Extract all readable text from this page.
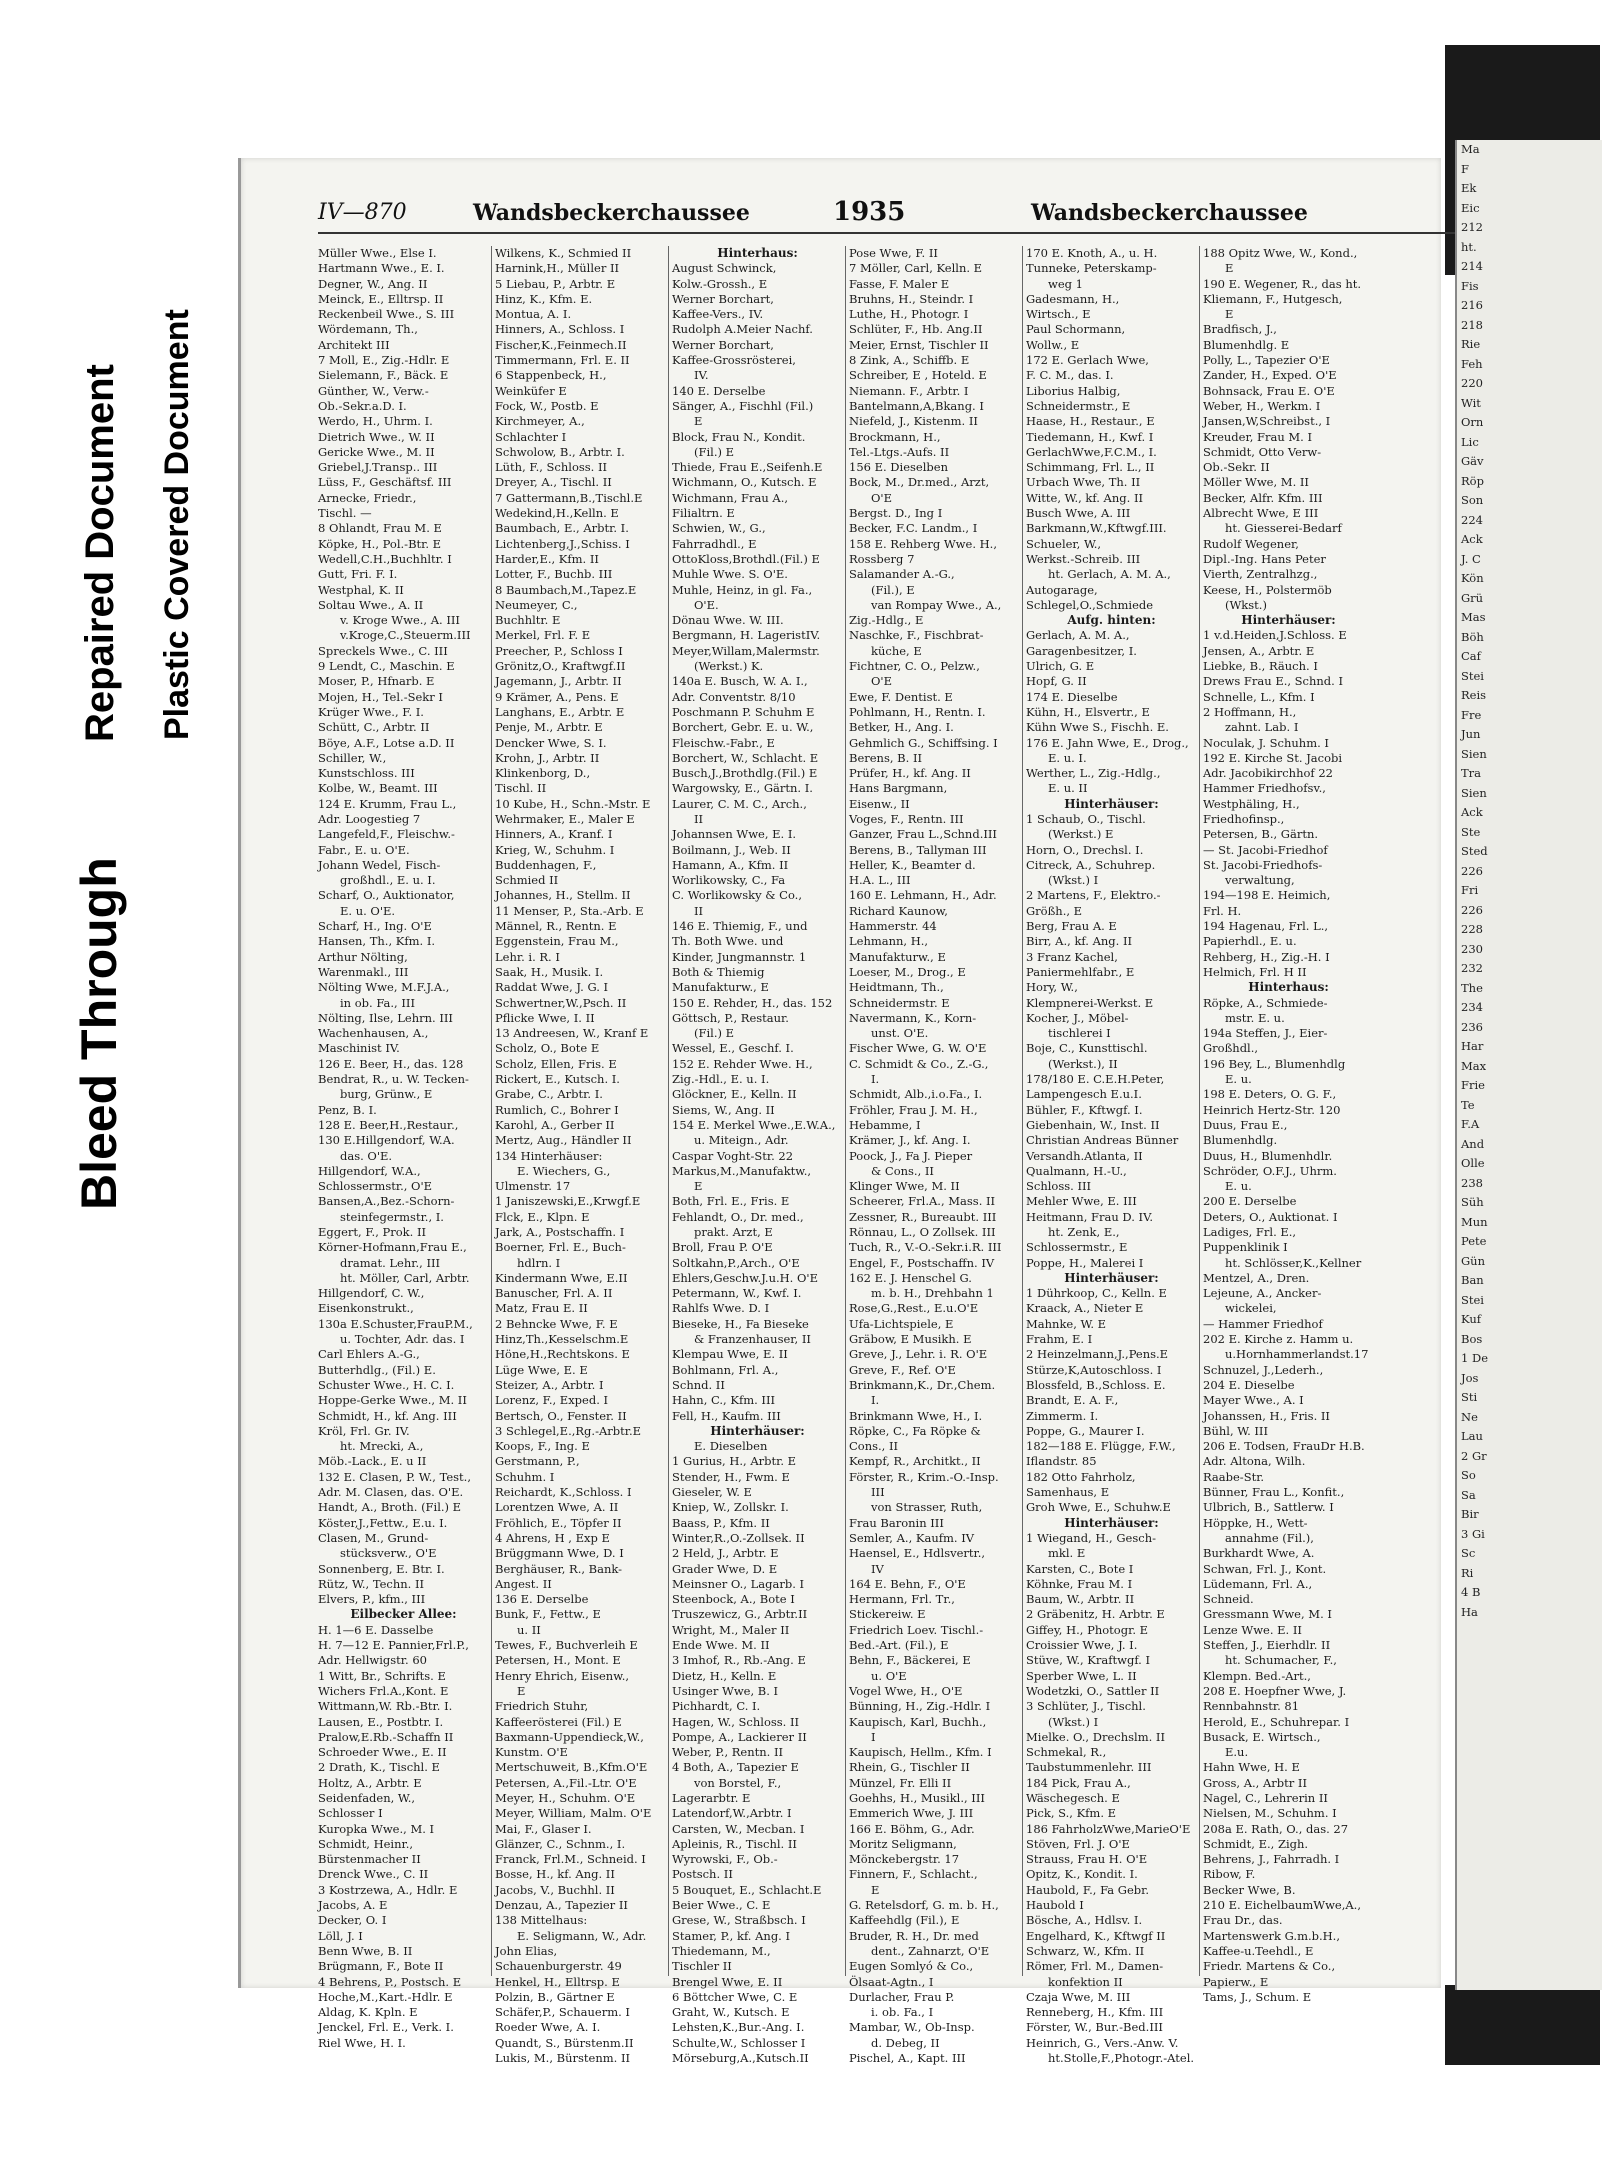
Bleed Through
Repaired Document Plastic Covered Document
IV—870	Wandsbeckerchaussee	1935	Wandsbeckerchaussee
Müller Wwe., Else I.
Hartmann Wwe., E. I.
Degner, W., Ang. II
Meinck, E., Elltrsp. II
Reckenbeil Wwe., S. III
Wördemann, Th.,
Architekt III
7 Moll, E., Zig.-Hdlr. E
Sielemann, F., Bäck. E
Günther, W., Verw.-
Ob.-Sekr.a.D. I.
Werdo, H., Uhrm. I.
Dietrich Wwe., W. II
Gericke Wwe., M. II
Griebel,J.Transp.. III
Lüss, F., Geschäftsf. III
Arnecke, Friedr.,
Tischl. —
8 Ohlandt, Frau M. E
Köpke, H., Pol.-Btr. E
Wedell,C.H.,Buchhltr. I
Gutt, Fri. F. I.
Westphal, K. II
Soltau Wwe., A. II
v. Kroge Wwe., A. III
v.Kroge,C.,Steuerm.III
Spreckels Wwe., C. III
9 Lendt, C., Maschin. E
Moser, P., Hfnarb. E
Mojen, H., Tel.-Sekr I
Krüger Wwe., F. I.
Schütt, C., Arbtr. II
Böye, A.F., Lotse a.D. II
Schiller, W.,
Kunstschloss. III
Kolbe, W., Beamt. III
124 E. Krumm, Frau L.,
Adr. Loogestieg 7
Langefeld,F., Fleischw.-
Fabr., E. u. O'E.
Johann Wedel, Fisch-
großhdl., E. u. I.
Scharf, O., Auktionator,
E. u. O'E.
Scharf, H., Ing. O'E
Hansen, Th., Kfm. I.
Arthur Nölting,
Warenmakl., III
Nölting Wwe, M.F.J.A.,
in ob. Fa., III
Nölting, Ilse, Lehrn. III
Wachenhausen, A.,
Maschinist IV.
126 E. Beer, H., das. 128
Bendrat, R., u. W. Tecken-
burg, Grünw., E
Penz, B. I.
128 E. Beer,H.,Restaur.,
130 E.Hillgendorf, W.A.
das. O'E.
Hillgendorf, W.A.,
Schlossermstr., O'E
Bansen,A.,Bez.-Schorn-
steinfegermstr., I.
Eggert, F., Prok. II
Körner-Hofmann,Frau E.,
dramat. Lehr., III
ht. Möller, Carl, Arbtr.
Hillgendorf, C. W.,
Eisenkonstrukt.,
130a E.Schuster,FrauP.M.,
u. Tochter, Adr. das. I
Carl Ehlers A.-G.,
Butterhdlg., (Fil.) E.
Schuster Wwe., H. C. I.
Hoppe-Gerke Wwe., M. II
Schmidt, H., kf. Ang. III
Kröl, Frl. Gr. IV.
ht. Mrecki, A.,
Möb.-Lack., E. u II
132 E. Clasen, P. W., Test.,
Adr. M. Clasen, das. O'E.
Handt, A., Broth. (Fil.) E
Köster,J.,Fettw., E.u. I.
Clasen, M., Grund-
stücksverw., O'E
Sonnenberg, E. Btr. I.
Rütz, W., Techn. II
Elvers, P., kfm., III
Eilbecker Allee:
H. 1—6 E. Dasselbe
H. 7—12 E. Pannier,Frl.P.,
Adr. Hellwigstr. 60
1 Witt, Br., Schrifts. E
Wichers Frl.A.,Kont. E
Wittmann,W. Rb.-Btr. I.
Lausen, E., Postbtr. I.
Pralow,E.Rb.-Schaffn II
Schroeder Wwe., E. II
2 Drath, K., Tischl. E
Holtz, A., Arbtr. E
Seidenfaden, W.,
Schlosser I
Kuropka Wwe., M. I
Schmidt, Heinr.,
Bürstenmacher II
Drenck Wwe., C. II
3 Kostrzewa, A., Hdlr. E
Jacobs, A. E
Decker, O. I
Löll, J. I
Benn Wwe, B. II
Brügmann, F., Bote II
4 Behrens, P., Postsch. E
Hoche,M.,Kart.-Hdlr. E
Aldag, K. Kpln. E
Jenckel, Frl. E., Verk. I.
Riel Wwe, H. I.
Wilkens, K., Schmied II
Harnink,H., Müller II
5 Liebau, P., Arbtr. E
Hinz, K., Kfm. E.
Montua, A. I.
Hinners, A., Schloss. I
Fischer,K.,Feinmech.II
Timmermann, Frl. E. II
6 Stappenbeck, H.,
Weinküfer E
Fock, W., Postb. E
Kirchmeyer, A.,
Schlachter I
Schwolow, B., Arbtr. I.
Lüth, F., Schloss. II
Dreyer, A., Tischl. II
7 Gattermann,B.,Tischl.E
Wedekind,H.,Kelln. E
Baumbach, E., Arbtr. I.
Lichtenberg,J.,Schiss. I
Harder,E., Kfm. II
Lotter, F., Buchb. III
8 Baumbach,M.,Tapez.E
Neumeyer, C.,
Buchhltr. E
Merkel, Frl. F. E
Preecher, P., Schloss I
Grönitz,O., Kraftwgf.II
Jagemann, J., Arbtr. II
9 Krämer, A., Pens. E
Langhans, E., Arbtr. E
Penje, M., Arbtr. E
Dencker Wwe, S. I.
Krohn, J., Arbtr. II
Klinkenborg, D.,
Tischl. II
10 Kube, H., Schn.-Mstr. E
Wehrmaker, E., Maler E
Hinners, A., Kranf. I
Krieg, W., Schuhm. I
Buddenhagen, F.,
Schmied II
Johannes, H., Stellm. II
11 Menser, P., Sta.-Arb. E
Männel, R., Rentn. E
Eggenstein, Frau M.,
Lehr. i. R. I
Saak, H., Musik. I.
Raddat Wwe, J. G. I
Schwertner,W.,Psch. II
Pflicke Wwe, I. II
13 Andreesen, W., Kranf E
Scholz, O., Bote E
Scholz, Ellen, Fris. E
Rickert, E., Kutsch. I.
Grabe, C., Arbtr. I.
Rumlich, C., Bohrer I
Karohl, A., Gerber II
Mertz, Aug., Händler II
134 Hinterhäuser:
E. Wiechers, G.,
Ulmenstr. 17
1 Janiszewski,E.,Krwgf.E
Flck, E., Klpn. E
Jark, A., Postschaffn. I
Boerner, Frl. E., Buch-
hdlrn. I
Kindermann Wwe, E.II
Banuscher, Frl. A. II
Matz, Frau E. II
2 Behncke Wwe, F. E
Hinz,Th.,Kesselschm.E
Höne,H.,Rechtskons. E
Lüge Wwe, E. E
Steizer, A., Arbtr. I
Lorenz, F., Exped. I
Bertsch, O., Fenster. II
3 Schlegel,E.,Rg.-Arbtr.E
Koops, F., Ing. E
Gerstmann, P.,
Schuhm. I
Reichardt, K.,Schloss. I
Lorentzen Wwe, A. II
Fröhlich, E., Töpfer II
4 Ahrens, H , Exp E
Brüggmann Wwe, D. I
Berghäuser, R., Bank-
Angest. II
136 E. Derselbe
Bunk, F., Fettw., E
u. II
Tewes, F., Buchverleih E
Petersen, H., Mont. E
Henry Ehrich, Eisenw.,
E
Friedrich Stuhr,
Kaffeerösterei (Fil.) E
Baxmann-Uppendieck,W.,
Kunstm. O'E
Mertschuweit, B.,Kfm.O'E
Petersen, A.,Fil.-Ltr. O'E
Meyer, H., Schuhm. O'E
Meyer, William, Malm. O'E
Mai, F., Glaser I.
Glänzer, C., Schnm., I.
Franck, Frl.M., Schneid. I
Bosse, H., kf. Ang. II
Jacobs, V., Buchhl. II
Denzau, A., Tapezier II
138 Mittelhaus:
E. Seligmann, W., Adr.
John Elias,
Schauenburgerstr. 49
Henkel, H., Elltrsp. E
Polzin, B., Gärtner E
Schäfer,P., Schauerm. I
Roeder Wwe, A. I.
Quandt, S., Bürstenm.II
Lukis, M., Bürstenm. II
Hinterhaus:
August Schwinck,
Kolw.-Grossh., E
Werner Borchart,
Kaffee-Vers., IV.
Rudolph A.Meier Nachf.
Werner Borchart,
Kaffee-Grossrösterei,
IV.
140 E. Derselbe
Sänger, A., Fischhl (Fil.)
E
Block, Frau N., Kondit.
(Fil.) E
Thiede, Frau E.,Seifenh.E
Wichmann, O., Kutsch. E
Wichmann, Frau A.,
Filialtrn. E
Schwien, W., G.,
Fahrradhdl., E
OttoKloss,Brothdl.(Fil.) E
Muhle Wwe. S. O'E.
Muhle, Heinz, in gl. Fa.,
O'E.
Dönau Wwe. W. III.
Bergmann, H. LageristIV.
Meyer,Willam,Malermstr.
(Werkst.) K.
140a E. Busch, W. A. I.,
Adr. Conventstr. 8/10
Poschmann P. Schuhm E
Borchert, Gebr. E. u. W.,
Fleischw.-Fabr., E
Borchert, W., Schlacht. E
Busch,J.,Brothdlg.(Fil.) E
Wargowsky, E., Gärtn. I.
Laurer, C. M. C., Arch.,
II
Johannsen Wwe, E. I.
Boilmann, J., Web. II
Hamann, A., Kfm. II
Worlikowsky, C., Fa
C. Worlikowsky & Co.,
II
146 E. Thiemig, F., und
Th. Both Wwe. und
Kinder, Jungmannstr. 1
Both & Thiemig
Manufakturw., E
150 E. Rehder, H., das. 152
Göttsch, P., Restaur.
(Fil.) E
Wessel, E., Geschf. I.
152 E. Rehder Wwe. H.,
Zig.-Hdl., E. u. I.
Glöckner, E., Kelln. II
Siems, W., Ang. II
154 E. Merkel Wwe.,E.W.A.,
u. Miteign., Adr.
Caspar Voght-Str. 22
Markus,M.,Manufaktw.,
E
Both, Frl. E., Fris. E
Fehlandt, O., Dr. med.,
prakt. Arzt, E
Broll, Frau P. O'E
Soltkahn,P.,Arch., O'E
Ehlers,Geschw.J.u.H. O'E
Petermann, W., Kwf. I.
Rahlfs Wwe. D. I
Bieseke, H., Fa Bieseke
& Franzenhauser, II
Klempau Wwe, E. II
Bohlmann, Frl. A.,
Schnd. II
Hahn, C., Kfm. III
Fell, H., Kaufm. III
Hinterhäuser:
E. Dieselben
1 Gurius, H., Arbtr. E
Stender, H., Fwm. E
Gieseler, W. E
Kniep, W., Zollskr. I.
Baass, P., Kfm. II
Winter,R.,O.-Zollsek. II
2 Held, J., Arbtr. E
Grader Wwe, D. E
Meinsner O., Lagarb. I
Steenbock, A., Bote I
Truszewicz, G., Arbtr.II
Wright, M., Maler II
Ende Wwe. M. II
3 Imhof, R., Rb.-Ang. E
Dietz, H., Kelln. E
Usinger Wwe, B. I
Pichhardt, C. I.
Hagen, W., Schloss. II
Pompe, A., Lackierer II
Weber, P., Rentn. II
4 Both, A., Tapezier E
von Borstel, F.,
Lagerarbtr. E
Latendorf,W.,Arbtr. I
Carsten, W., Mecban. I
Apleinis, R., Tischl. II
Wyrowski, F., Ob.-
Postsch. II
5 Bouquet, E., Schlacht.E
Beier Wwe., C. E
Grese, W., Straßbsch. I
Stamer, P., kf. Ang. I
Thiedemann, M.,
Tischler II
Brengel Wwe, E. II
6 Böttcher Wwe, C. E
Graht, W., Kutsch. E
Lehsten,K.,Bur.-Ang. I.
Schulte,W., Schlosser I
Mörseburg,A.,Kutsch.II
Pose Wwe, F. II
7 Möller, Carl, Kelln. E
Fasse, F. Maler E
Bruhns, H., Steindr. I
Luthe, H., Photogr. I
Schlüter, F., Hb. Ang.II
Meier, Ernst, Tischler II
8 Zink, A., Schiffb. E
Schreiber, E , Hoteld. E
Niemann. F., Arbtr. I
Bantelmann,A,Bkang. I
Niefeld, J., Kistenm. II
Brockmann, H.,
Tel.-Ltgs.-Aufs. II
156 E. Dieselben
Bock, M., Dr.med., Arzt,
O'E
Bergst. D., Ing I
Becker, F.C. Landm., I
158 E. Rehberg Wwe. H.,
Rossberg 7
Salamander A.-G.,
(Fil.), E
van Rompay Wwe., A.,
Zig.-Hdlg., E
Naschke, F., Fischbrat-
küche, E
Fichtner, C. O., Pelzw.,
O'E
Ewe, F. Dentist. E
Pohlmann, H., Rentn. I.
Betker, H., Ang. I.
Gehmlich G., Schiffsing. I
Berens, B. II
Prüfer, H., kf. Ang. II
Hans Bargmann,
Eisenw., II
Voges, F., Rentn. III
Ganzer, Frau L.,Schnd.III
Berens, B., Tallyman III
Heller, K., Beamter d.
H.A. L., III
160 E. Lehmann, H., Adr.
Richard Kaunow,
Hammerstr. 44
Lehmann, H.,
Manufakturw., E
Loeser, M., Drog., E
Heidtmann, Th.,
Schneidermstr. E
Navermann, K., Korn-
unst. O'E.
Fischer Wwe, G. W. O'E
C. Schmidt & Co., Z.-G.,
I.
Schmidt, Alb.,i.o.Fa., I.
Fröhler, Frau J. M. H.,
Hebamme, I
Krämer, J., kf. Ang. I.
Poock, J., Fa J. Pieper
& Cons., II
Klinger Wwe, M. II
Scheerer, Frl.A., Mass. II
Zessner, R., Bureaubt. III
Rönnau, L., O Zollsek. III
Tuch, R., V.-O.-Sekr.i.R. III
Engel, F., Postschaffn. IV
162 E. J. Henschel G.
m. b. H., Drehbahn 1
Rose,G.,Rest., E.u.O'E
Ufa-Lichtspiele, E
Gräbow, E Musikh. E
Greve, J., Lehr. i. R. O'E
Greve, F., Ref. O'E
Brinkmann,K., Dr.,Chem.
I.
Brinkmann Wwe, H., I.
Röpke, C., Fa Röpke &
Cons., II
Kempf, R., Architkt., II
Förster, R., Krim.-O.-Insp.
III
von Strasser, Ruth,
Frau Baronin III
Semler, A., Kaufm. IV
Haensel, E., Hdlsvertr.,
IV
164 E. Behn, F., O'E
Hermann, Frl. Tr.,
Stickereiw. E
Friedrich Loev. Tischl.-
Bed.-Art. (Fil.), E
Behn, F., Bäckerei, E
u. O'E
Vogel Wwe, H., O'E
Bünning, H., Zig.-Hdlr. I
Kaupisch, Karl, Buchh.,
I
Kaupisch, Hellm., Kfm. I
Rhein, G., Tischler II
Münzel, Fr. Elli II
Goehhs, H., Musikl., III
Emmerich Wwe, J. III
166 E. Böhm, G., Adr.
Moritz Seligmann,
Mönckebergstr. 17
Finnern, F., Schlacht.,
E
G. Retelsdorf, G. m. b. H.,
Kaffeehdlg (Fil.), E
Bruder, R. H., Dr. med
dent., Zahnarzt, O'E
Eugen Somlyó & Co.,
Ölsaat-Agtn., I
Durlacher, Frau P.
i. ob. Fa., I
Mambar, W., Ob-Insp.
d. Debeg, II
Pischel, A., Kapt. III
170 E. Knoth, A., u. H.
Tunneke, Peterskamp-
weg 1
Gadesmann, H.,
Wirtsch., E
Paul Schormann,
Wollw., E
172 E. Gerlach Wwe,
F. C. M., das. I.
Liborius Halbig,
Schneidermstr., E
Haase, H., Restaur., E
Tiedemann, H., Kwf. I
GerlachWwe,F.C.M., I.
Schimmang, Frl. L., II
Urbach Wwe, Th. II
Witte, W., kf. Ang. II
Busch Wwe, A. III
Barkmann,W.,Kftwgf.III.
Schueler, W.,
Werkst.-Schreib. III
ht. Gerlach, A. M. A.,
Autogarage,
Schlegel,O.,Schmiede
Aufg. hinten:
Gerlach, A. M. A.,
Garagenbesitzer, I.
Ulrich, G. E
Hopf, G. II
174 E. Dieselbe
Kühn, H., Elsvertr., E
Kühn Wwe S., Fischh. E.
176 E. Jahn Wwe, E., Drog.,
E. u. I.
Werther, L., Zig.-Hdlg.,
E. u. II
Hinterhäuser:
1 Schaub, O., Tischl.
(Werkst.) E
Horn, O., Drechsl. I.
Citreck, A., Schuhrep.
(Wkst.) I
2 Martens, F., Elektro.-
Größh., E
Berg, Frau A. E
Birr, A., kf. Ang. II
3 Franz Kachel,
Paniermehlfabr., E
Hory, W.,
Klempnerei-Werkst. E
Kocher, J., Möbel-
tischlerei I
Boje, C., Kunsttischl.
(Werkst.), II
178/180 E. C.E.H.Peter,
Lampengesch E.u.I.
Bühler, F., Kftwgf. I.
Giebenhain, W., Inst. II
Christian Andreas Bünner
Versandh.Atlanta, II
Qualmann, H.-U.,
Schloss. III
Mehler Wwe, E. III
Heitmann, Frau D. IV.
ht. Zenk, E.,
Schlossermstr., E
Poppe, H., Malerei I
Hinterhäuser:
1 Dührkoop, C., Kelln. E
Kraack, A., Nieter E
Mahnke, W. E
Frahm, E. I
2 Heinzelmann,J.,Pens.E
Stürze,K,Autoschloss. I
Blossfeld, B.,Schloss. E.
Brandt, E. A. F.,
Zimmerm. I.
Poppe, G., Maurer I.
182—188 E. Flügge, F.W.,
Iflandstr. 85
182 Otto Fahrholz,
Samenhaus, E
Groh Wwe, E., Schuhw.E
Hinterhäuser:
1 Wiegand, H., Gesch-
mkl. E
Karsten, C., Bote I
Köhnke, Frau M. I
Baum, W., Arbtr. II
2 Gräbenitz, H. Arbtr. E
Giffey, H., Photogr. E
Croissier Wwe, J. I.
Stüve, W., Kraftwgf. I
Sperber Wwe, L. II
Wodetzki, O., Sattler II
3 Schlüter, J., Tischl.
(Wkst.) I
Mielke. O., Drechslm. II
Schmekal, R.,
Taubstummenlehr. III
184 Pick, Frau A.,
Wäschegesch. E
Pick, S., Kfm. E
186 FahrholzWwe,MarieO'E
Stöven, Frl. J. O'E
Strauss, Frau H. O'E
Opitz, K., Kondit. I.
Haubold, F., Fa Gebr.
Haubold I
Bösche, A., Hdlsv. I.
Engelhard, K., Kftwgf II
Schwarz, W., Kfm. II
Römer, Frl. M., Damen-
konfektion II
Czaja Wwe, M. III
Renneberg, H., Kfm. III
Förster, W., Bur.-Bed.III
Heinrich, G., Vers.-Anw. V.
ht.Stolle,F.,Photogr.-Atel.
188 Opitz Wwe, W., Kond.,
E
190 E. Wegener, R., das ht.
Kliemann, F., Hutgesch,
E
Bradfisch, J.,
Blumenhdlg. E
Polly, L., Tapezier O'E
Zander, H., Exped. O'E
Bohnsack, Frau E. O'E
Weber, H., Werkm. I
Jansen,W,Schreibst., I
Kreuder, Frau M. I
Schmidt, Otto Verw-
Ob.-Sekr. II
Möller Wwe, M. II
Becker, Alfr. Kfm. III
Albrecht Wwe, E III
ht. Giesserei-Bedarf
Rudolf Wegener,
Dipl.-Ing. Hans Peter
Vierth, Zentralhzg.,
Keese, H., Polstermöb
(Wkst.)
Hinterhäuser:
1 v.d.Heiden,J.Schloss. E
Jensen, A., Arbtr. E
Liebke, B., Räuch. I
Drews Frau E., Schnd. I
Schnelle, L., Kfm. I
2 Hoffmann, H.,
zahnt. Lab. I
Noculak, J. Schuhm. I
192 E. Kirche St. Jacobi
Adr. Jacobikirchhof 22
Hammer Friedhofsv.,
Westphäling, H.,
Friedhofinsp.,
Petersen, B., Gärtn.
— St. Jacobi-Friedhof
St. Jacobi-Friedhofs-
verwaltung,
194—198 E. Heimich,
Frl. H.
194 Hagenau, Frl. L.,
Papierhdl., E. u.
Rehberg, H., Zig.-H. I
Helmich, Frl. H II
Hinterhaus:
Röpke, A., Schmiede-
mstr. E. u.
194a Steffen, J., Eier-
Großhdl.,
196 Bey, L., Blumenhdlg
E. u.
198 E. Deters, O. G. F.,
Heinrich Hertz-Str. 120
Duus, Frau E.,
Blumenhdlg.
Duus, H., Blumenhdlr.
Schröder, O.F.J., Uhrm.
E. u.
200 E. Derselbe
Deters, O., Auktionat. I
Ladiges, Frl. E.,
Puppenklinik I
ht. Schlösser,K.,Kellner
Mentzel, A., Dren.
Lejeune, A., Ancker-
wickelei,
— Hammer Friedhof
202 E. Kirche z. Hamm u.
u.Hornhammerlandst.17
Schnuzel, J.,Lederh.,
204 E. Dieselbe
Mayer Wwe., A. I
Johanssen, H., Fris. II
Bühl, W. III
206 E. Todsen, FrauDr H.B.
Adr. Altona, Wilh.
Raabe-Str.
Bünner, Frau L., Konfit.,
Ulbrich, B., Sattlerw. I
Höppke, H., Wett-
annahme (Fil.),
Burkhardt Wwe, A.
Schwan, Frl. J., Kont.
Lüdemann, Frl. A.,
Schneid.
Gressmann Wwe, M. I
Lenze Wwe. E. II
Steffen, J., Eierhdlr. II
ht. Schumacher, F.,
Klempn. Bed.-Art.,
208 E. Hoepfner Wwe, J.
Rennbahnstr. 81
Herold, E., Schuhrepar. I
Busack, E. Wirtsch.,
E.u.
Hahn Wwe, H. E
Gross, A., Arbtr II
Nagel, C., Lehrerin II
Nielsen, M., Schuhm. I
208a E. Rath, O., das. 27
Schmidt, E., Zigh.
Behrens, J., Fahrradh. I
Ribow, F.
Becker Wwe, B.
210 E. EichelbaumWwe,A.,
Frau Dr., das.
Martenswerk G.m.b.H.,
Kaffee-u.Teehdl., E
Friedr. Martens & Co.,
Papierw., E
Tams, J., Schum. E
Ma
F
Ek
Eic
212
ht.
214
Fis
216
218
Rie
Feh
220
Wit
Orn
Lic
Gäv
Röp
Son
224
Ack
J. C
Kön
Grü
Mas
Böh
Caf
Stei
Reis
Fre
Jun
Sien
Tra
Sien
Ack
Ste
Sted
226
Fri
226
228
230
232
The
234
236
Har
Max
Frie
Te
F.A
And
Olle
238
Süh
Mun
Pete
Gün
Ban
Stei
Kuf
Bos
1 De
Jos
Sti
Ne
Lau
2 Gr
So
Sa
Bir
3 Gi
Sc
Ri
4 B
Ha
